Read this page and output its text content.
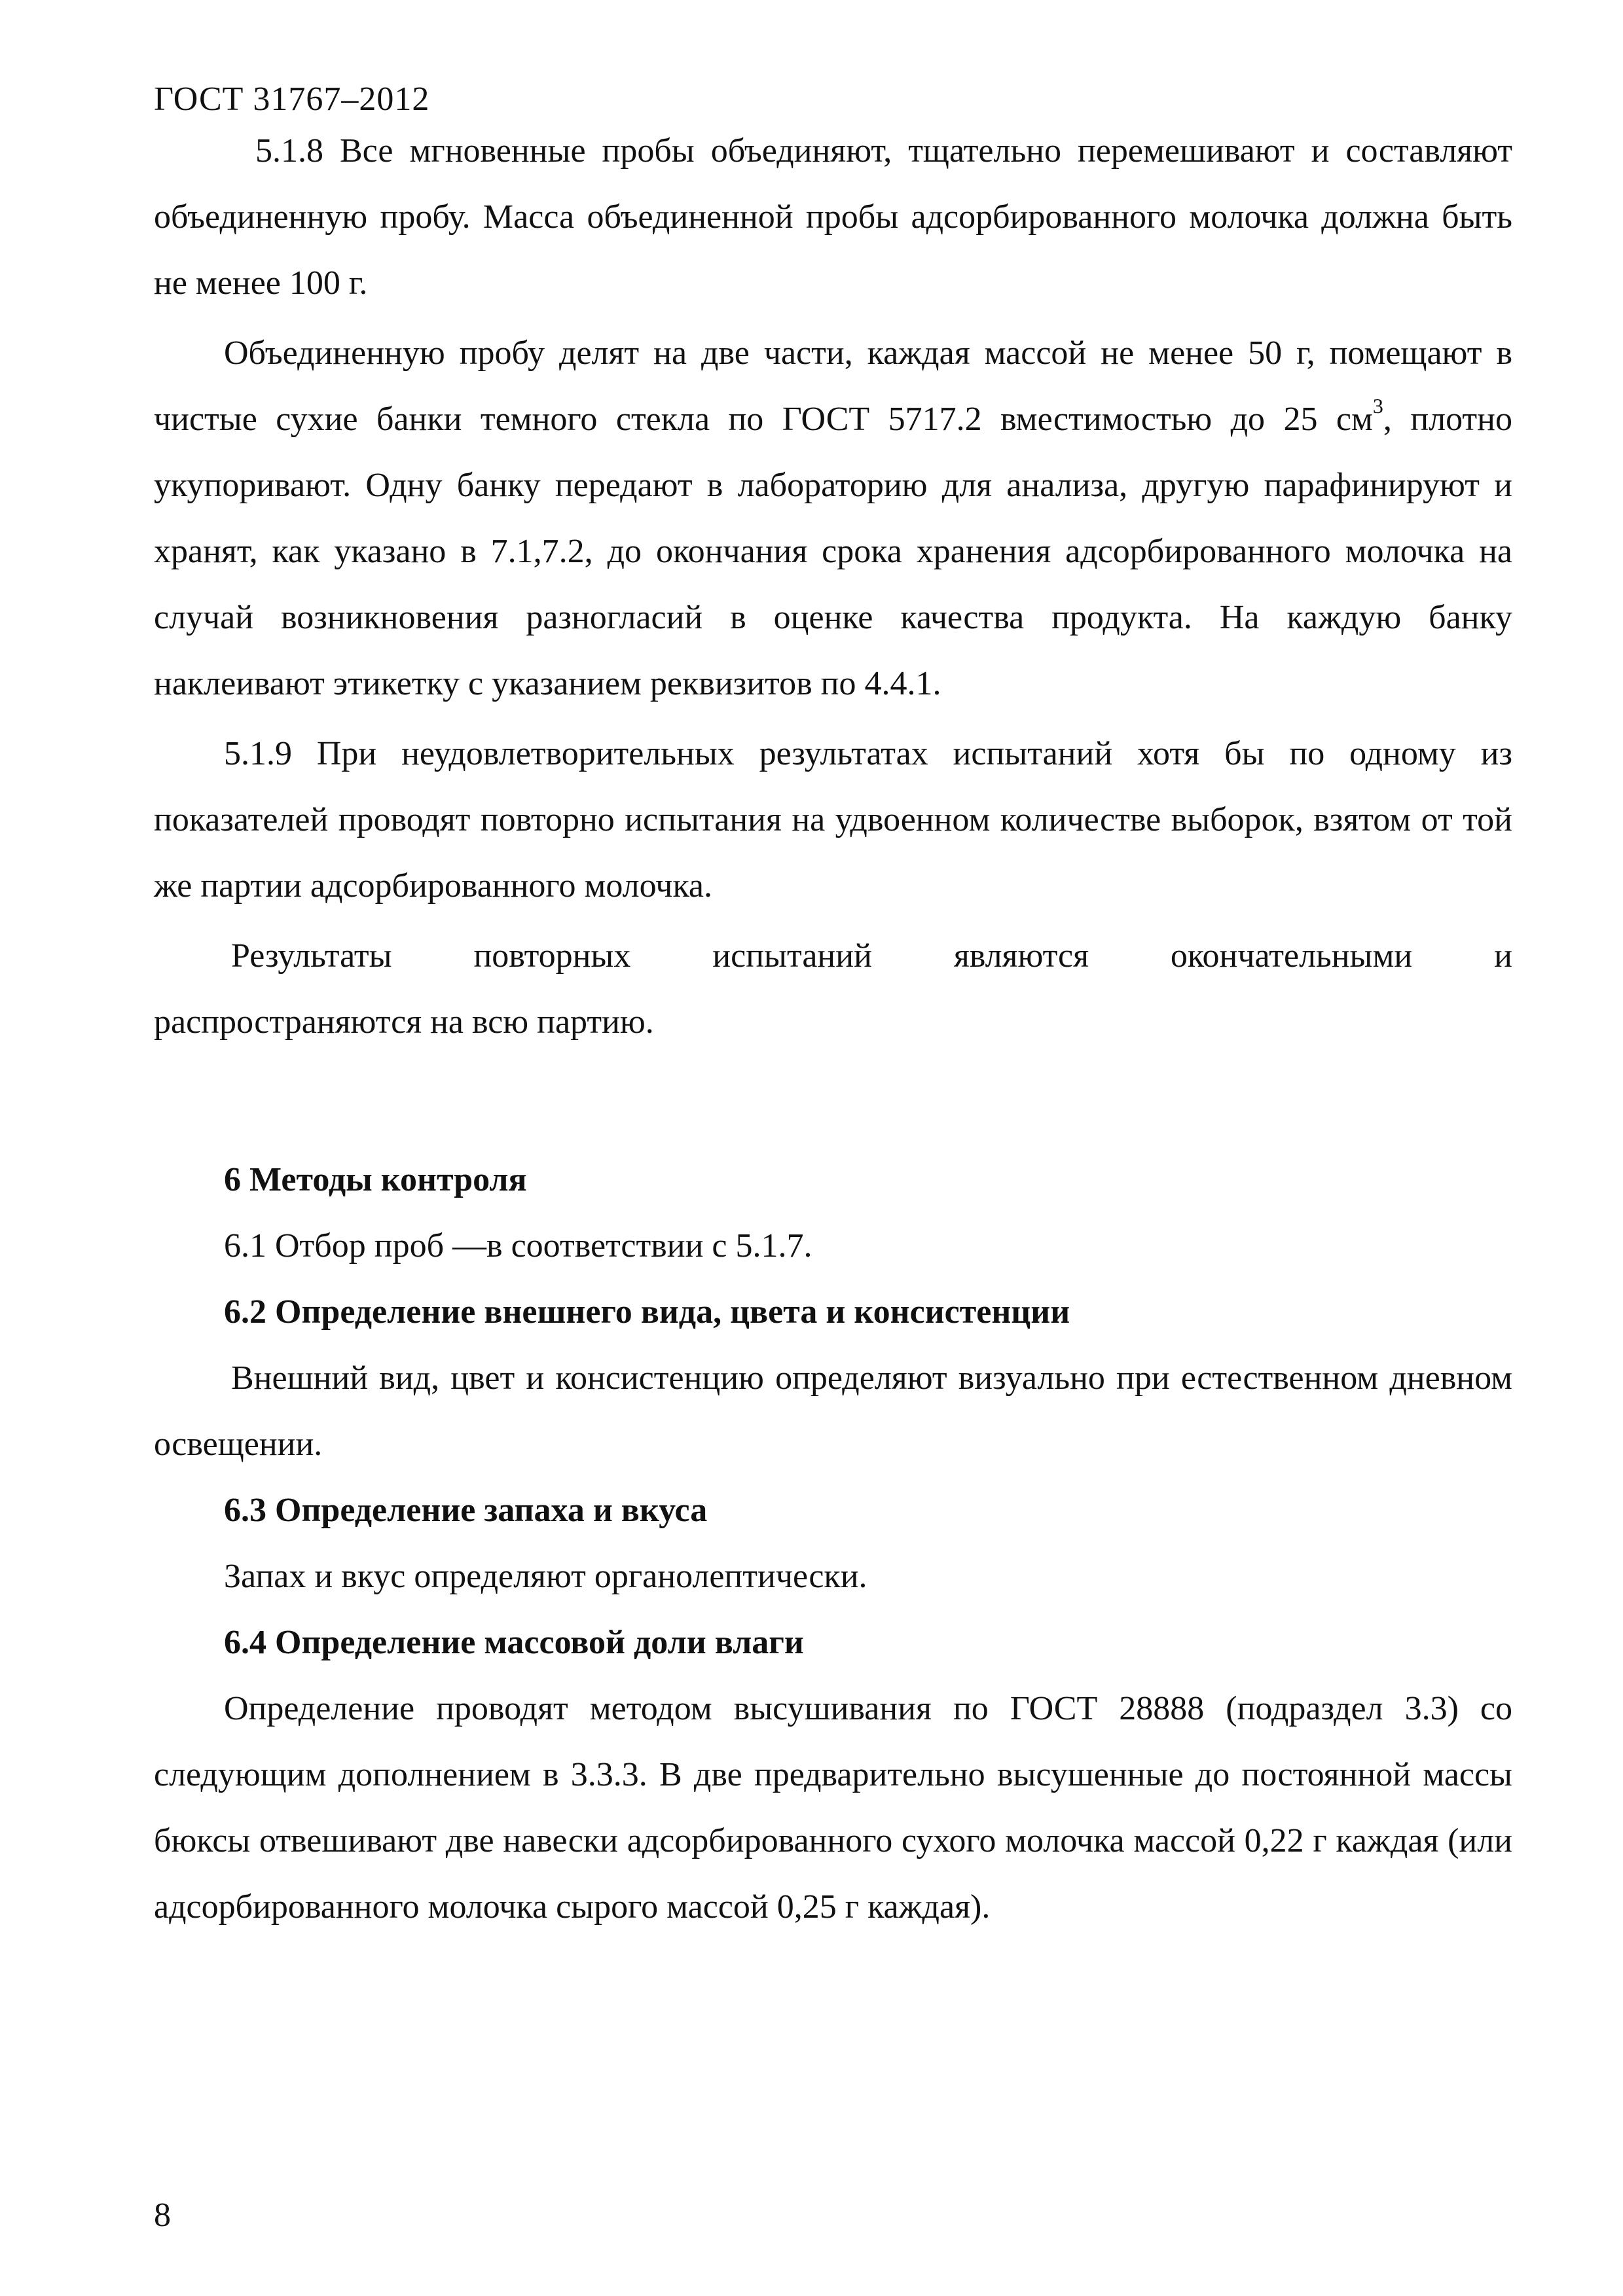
ГОСТ 31767–2012

5.1.8 Все мгновенные пробы объединяют, тщательно перемешивают и составляют объединенную пробу. Масса объединенной пробы адсорбированного молочка должна быть не менее 100 г.

Объединенную пробу делят на две части, каждая массой не менее 50 г, помещают в чистые сухие банки темного стекла по ГОСТ 5717.2 вместимостью до 25 $см^3$, плотно укупоривают. Одну банку передают в лабораторию для анализа, другую парафинируют и хранят, как указано в 7.1,7.2, до окончания срока хранения адсорбированного молочка на случай возникновения разногласий в оценке качества продукта. На каждую банку наклеивают этикетку с указанием реквизитов по 4.4.1.

5.1.9 При неудовлетворительных результатах испытаний хотя бы по одному из показателей проводят повторно испытания на удвоенном количестве выборок, взятом от той же партии адсорбированного молочка.

Результаты повторных испытаний являются окончательными и

распространяются на всю партию.

6 Методы контроля

6.1 Отбор проб —в соответствии с 5.1.7.

6.2 Определение внешнего вида, цвета и консистенции

Внешний вид, цвет и консистенцию определяют визуально при естественном дневном освещении.

6.3 Определение запаха и вкуса

Запах и вкус определяют органолептически.

6.4 Определение массовой доли влаги

Определение проводят методом высушивания по ГОСТ 28888 (подраздел 3.3) со следующим дополнением в 3.3.3. В две предварительно высушенные до постоянной массы бюксы отвешивают две навески адсорбированного сухого молочка массой 0,22 г каждая (или адсорбированного молочка сырого массой 0,25 г каждая).

8
